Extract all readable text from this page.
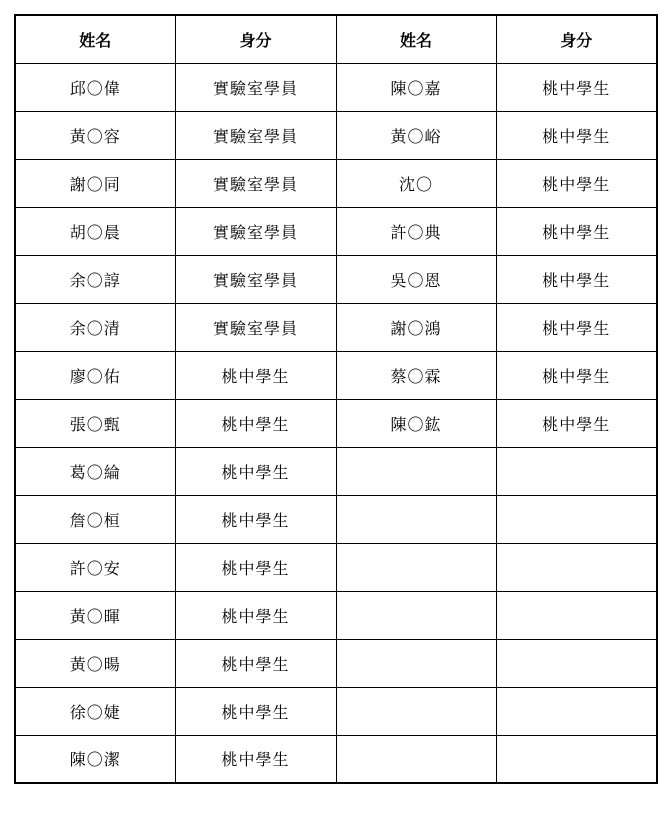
姓名	身分	姓名	身分
邱〇偉	實驗室學員	陳〇嘉	桃中學生
黃〇容	實驗室學員	黃〇峪	桃中學生
謝〇同	實驗室學員	沈〇	桃中學生
胡〇晨	實驗室學員	許〇典	桃中學生
余〇諄	實驗室學員	吳〇恩	桃中學生
余〇清	實驗室學員	謝〇鴻	桃中學生
廖〇佑	桃中學生	蔡〇霖	桃中學生
張〇甄	桃中學生	陳〇鈜	桃中學生
葛〇綸	桃中學生		
詹〇桓	桃中學生		
許〇安	桃中學生		
黃〇暉	桃中學生		
黃〇暘	桃中學生		
徐〇婕	桃中學生		
陳〇潔	桃中學生		
